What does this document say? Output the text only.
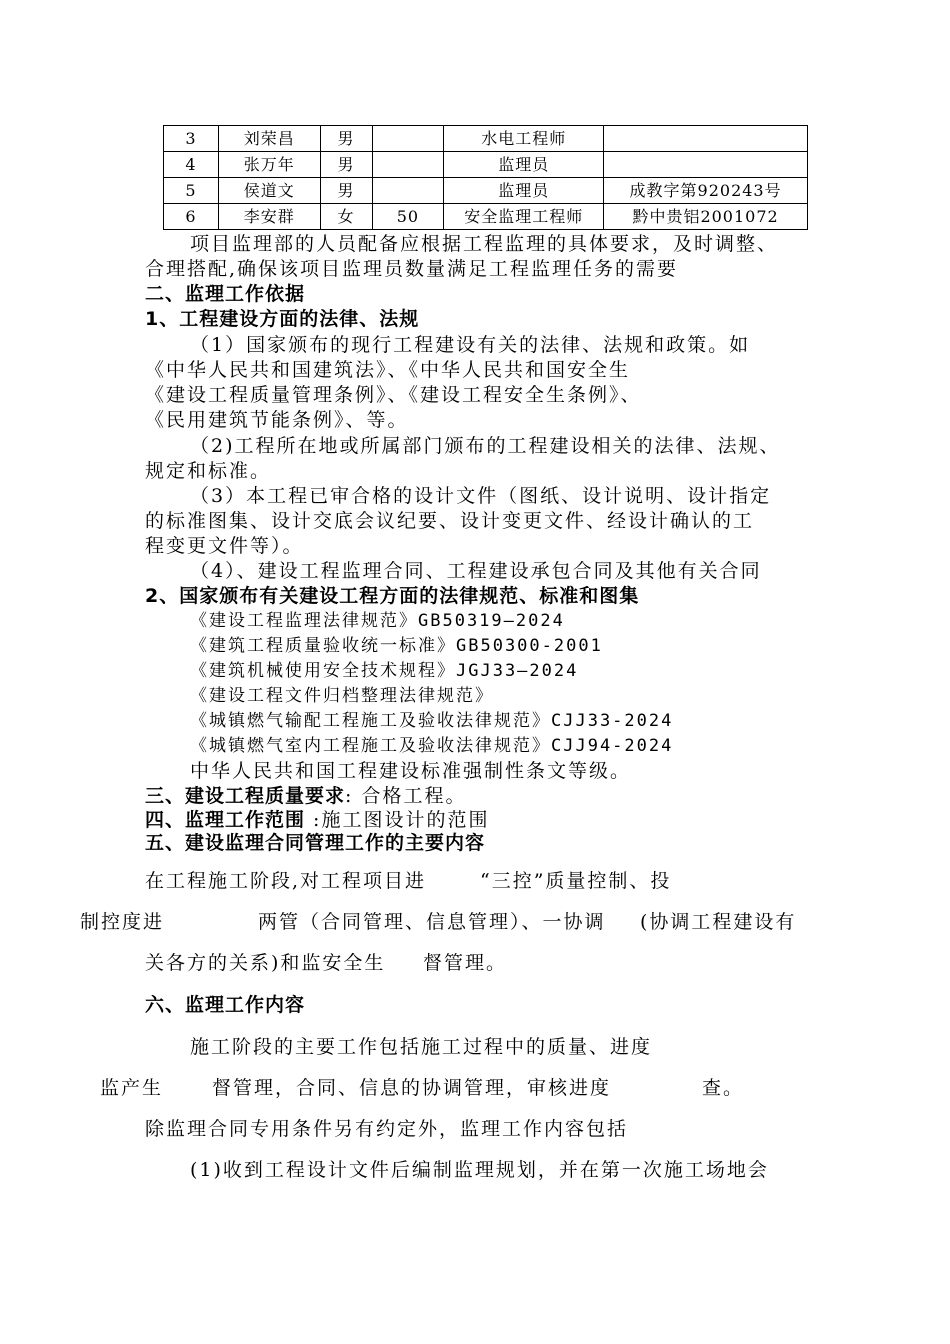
3	刘荣昌	男		水电工程师	
4	张万年	男		监理员	
5	侯道文	男		监理员	成教字第920243号
6	李安群	女	50	安全监理工程师	黔中贵铝2001072
项目监理部的人员配备应根据工程监理的具体要求，及时调整、
合理搭配,确保该项目监理员数量满足工程监理任务的需要
二、监理工作依据
1、工程建设方面的法律、法规
（1）国家颁布的现行工程建设有关的法律、法规和政策。如
《中华人民共和国建筑法》、《中华人民共和国安全生
《建设工程质量管理条例》、《建设工程安全生条例》、
《民用建筑节能条例》、等。
（2)工程所在地或所属部门颁布的工程建设相关的法律、法规、
规定和标准。
（3）本工程已审合格的设计文件（图纸、设计说明、设计指定
的标准图集、设计交底会议纪要、设计变更文件、经设计确认的工
程变更文件等）。
（4）、建设工程监理合同、工程建设承包合同及其他有关合同
2、国家颁布有关建设工程方面的法律规范、标准和图集
《建设工程监理法律规范》GB50319—2024
《建筑工程质量验收统一标准》GB50300-2001
《建筑机械使用安全技术规程》JGJ33—2024
《建设工程文件归档整理法律规范》
《城镇燃气输配工程施工及验收法律规范》CJJ33-2024
《城镇燃气室内工程施工及验收法律规范》CJJ94-2024
中华人民共和国工程建设标准强制性条文等级。
三、建设工程质量要求: 合格工程。
四、监理工作范围 :施工图设计的范围
五、建设监理合同管理工作的主要内容
在工程施工阶段,对工程项目进	“三控”质量控制、投
制控度进	两管（合同管理、信息管理）、一协调 (协调工程建设有
关各方的关系)和监安全生 督管理。
六、监理工作内容
施工阶段的主要工作包括施工过程中的质量、进度
监产生	督管理，合同、信息的协调管理，审核进度	查。
除监理合同专用条件另有约定外，监理工作内容包括
(1)收到工程设计文件后编制监理规划，并在第一次施工场地会
